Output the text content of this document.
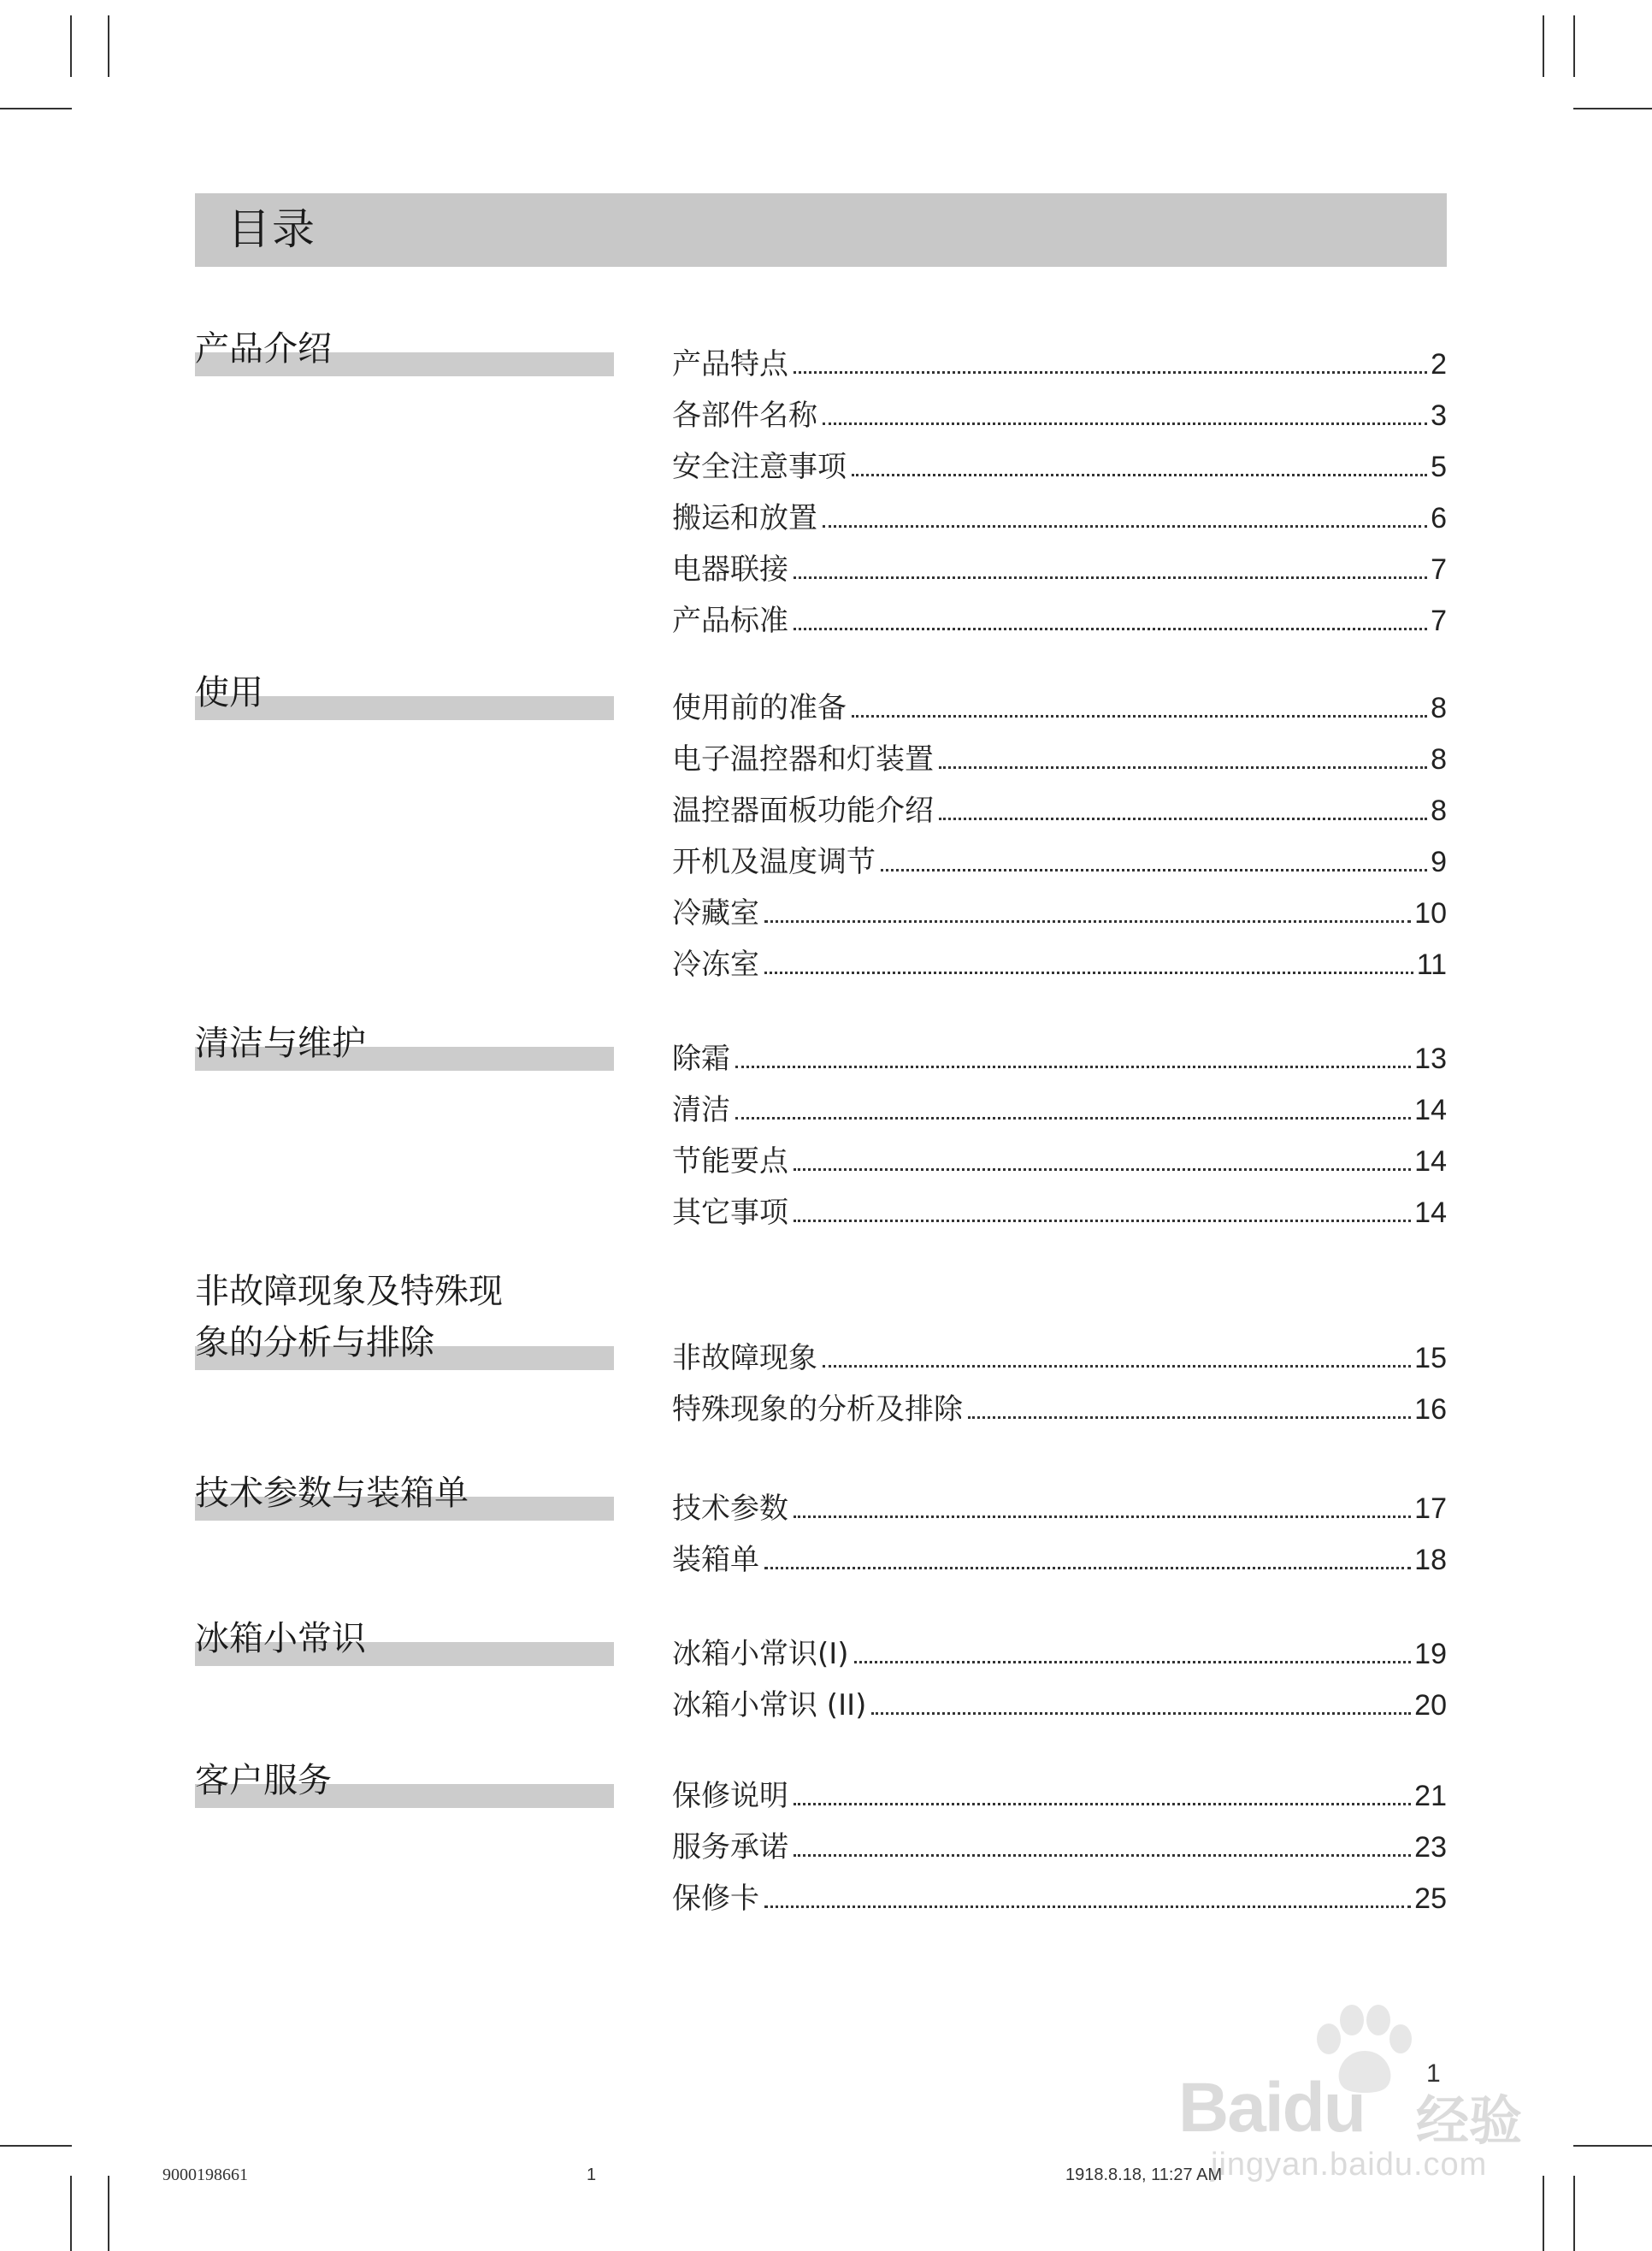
目录
产品介绍	产品特点	2
各部件名称	3
安全注意事项	5
搬运和放置	6
电器联接	7
产品标准	7
使用	使用前的准备	8
电子温控器和灯装置	8
温控器面板功能介绍	8
开机及温度调节	9
冷藏室	10
冷冻室	11
清洁与维护	除霜	13
清洁	14
节能要点	14
其它事项	14
非故障现象及特殊现
象的分析与排除	非故障现象	15
特殊现象的分析及排除	16
技术参数与装箱单	技术参数	17
装箱单	18
冰箱小常识	冰箱小常识(I)	19
冰箱小常识 (II)	20
客户服务	保修说明	21
服务承诺	23
保修卡	25
1
Baidu 经验
jingyan.baidu.com
9000198661	1	1918.8.18, 11:27 AM
